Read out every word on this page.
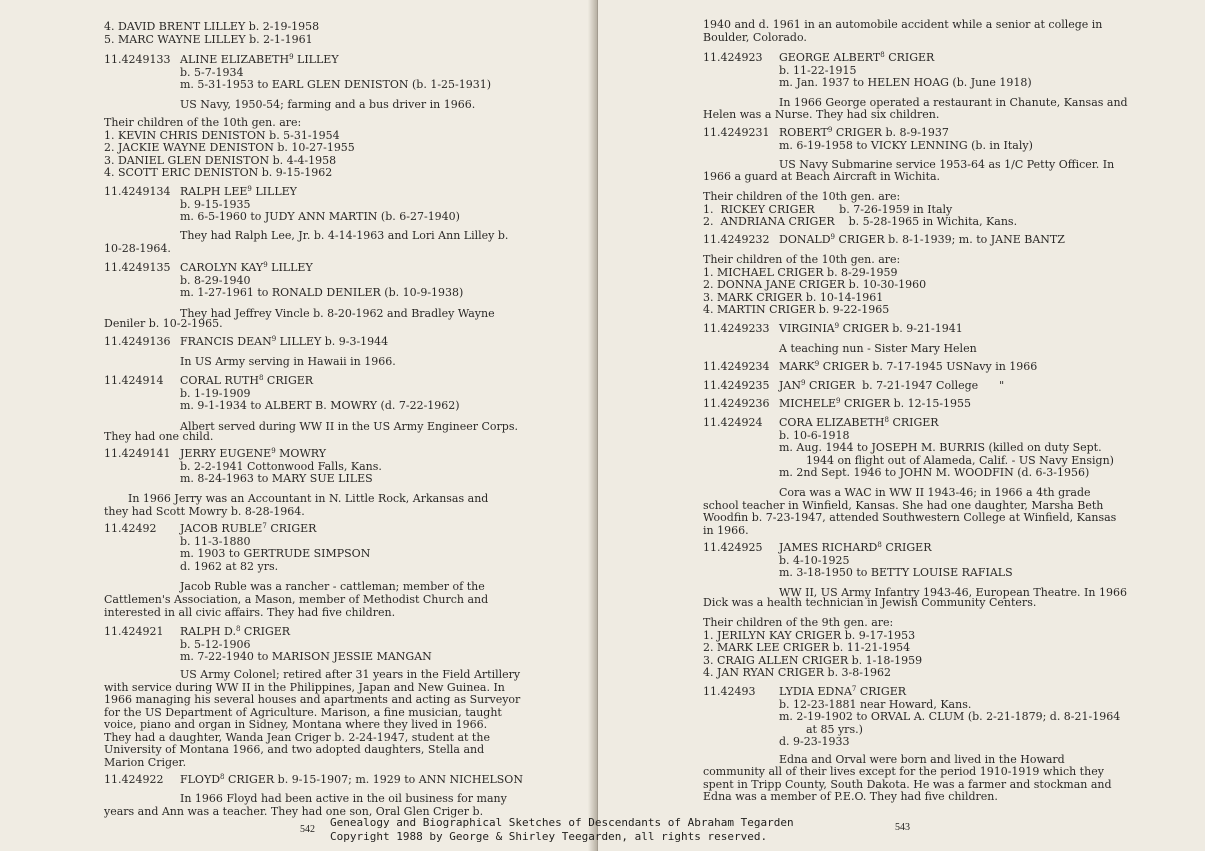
4. DAVID BRENT LILLEY b. 2-19-1958
5. MARC WAYNE LILLEY b. 2-1-1961
11.4249133 ALINE ELIZABETH$^9$ LILLEY
b. 5-7-1934
m. 5-31-1953 to EARL GLEN DENISTON (b. 1-25-1931)
US Navy, 1950-54; farming and a bus driver in 1966.
Their children of the 10th gen. are:
1. KEVIN CHRIS DENISTON b. 5-31-1954
2. JACKIE WAYNE DENISTON b. 10-27-1955
3. DANIEL GLEN DENISTON b. 4-4-1958
4. SCOTT ERIC DENISTON b. 9-15-1962
11.4249134 RALPH LEE$^9$ LILLEY
b. 9-15-1935
m. 6-5-1960 to JUDY ANN MARTIN (b. 6-27-1940)
They had Ralph Lee, Jr. b. 4-14-1963 and Lori Ann Lilley b.
10-28-1964.
11.4249135 CAROLYN KAY$^9$ LILLEY
b. 8-29-1940
m. 1-27-1961 to RONALD DENILER (b. 10-9-1938)
They had Jeffrey Vincle b. 8-20-1962 and Bradley Wayne
Deniler b. 10-2-1965.
11.4249136 FRANCIS DEAN$^9$ LILLEY b. 9-3-1944
In US Army serving in Hawaii in 1966.
11.424914 CORAL RUTH$^8$ CRIGER
b. 1-19-1909
m. 9-1-1934 to ALBERT B. MOWRY (d. 7-22-1962)
Albert served during WW II in the US Army Engineer Corps.
They had one child.
11.4249141 JERRY EUGENE$^9$ MOWRY
b. 2-2-1941 Cottonwood Falls, Kans.
m. 8-24-1963 to MARY SUE LILES
In 1966 Jerry was an Accountant in N. Little Rock, Arkansas and
they had Scott Mowry b. 8-28-1964.
11.42492 JACOB RUBLE$^7$ CRIGER
b. 11-3-1880
m. 1903 to GERTRUDE SIMPSON
d. 1962 at 82 yrs.
Jacob Ruble was a rancher - cattleman; member of the
Cattlemen's Association, a Mason, member of Methodist Church and
interested in all civic affairs. They had five children.
11.424921 RALPH D.$^8$ CRIGER
b. 5-12-1906
m. 7-22-1940 to MARISON JESSIE MANGAN
US Army Colonel; retired after 31 years in the Field Artillery
with service during WW II in the Philippines, Japan and New Guinea. In
1966 managing his several houses and apartments and acting as Surveyor
for the US Department of Agriculture. Marison, a fine musician, taught
voice, piano and organ in Sidney, Montana where they lived in 1966.
They had a daughter, Wanda Jean Criger b. 2-24-1947, student at the
University of Montana 1966, and two adopted daughters, Stella and
Marion Criger.
11.424922 FLOYD$^8$ CRIGER b. 9-15-1907; m. 1929 to ANN NICHELSON
In 1966 Floyd had been active in the oil business for many
years and Ann was a teacher. They had one son, Oral Glen Criger b.
1940 and d. 1961 in an automobile accident while a senior at college in
Boulder, Colorado.
11.424923 GEORGE ALBERT$^8$ CRIGER
b. 11-22-1915
m. Jan. 1937 to HELEN HOAG (b. June 1918)
In 1966 George operated a restaurant in Chanute, Kansas and
Helen was a Nurse. They had six children.
11.4249231 ROBERT$^9$ CRIGER b. 8-9-1937
m. 6-19-1958 to VICKY LENNING (b. in Italy)
US Navy Submarine service 1953-64 as 1/C Petty Officer. In
1966 a guard at Beach Aircraft in Wichita.
Their children of the 10th gen. are:
1.  RICKEY CRIGER       b. 7-26-1959 in Italy
2.  ANDRIANA CRIGER    b. 5-28-1965 in Wichita, Kans.
11.4249232 DONALD$^9$ CRIGER b. 8-1-1939; m. to JANE BANTZ
Their children of the 10th gen. are:
1. MICHAEL CRIGER b. 8-29-1959
2. DONNA JANE CRIGER b. 10-30-1960
3. MARK CRIGER b. 10-14-1961
4. MARTIN CRIGER b. 9-22-1965
11.4249233 VIRGINIA$^9$ CRIGER b. 9-21-1941
A teaching nun - Sister Mary Helen
11.4249234 MARK$^9$ CRIGER b. 7-17-1945 USNavy in 1966
11.4249235 JAN$^9$ CRIGER  b. 7-21-1947 College      "
11.4249236 MICHELE$^9$ CRIGER b. 12-15-1955
11.424924 CORA ELIZABETH$^8$ CRIGER
b. 10-6-1918
m. Aug. 1944 to JOSEPH M. BURRIS (killed on duty Sept.
1944 on flight out of Alameda, Calif. - US Navy Ensign)
m. 2nd Sept. 1946 to JOHN M. WOODFIN (d. 6-3-1956)
Cora was a WAC in WW II 1943-46; in 1966 a 4th grade
school teacher in Winfield, Kansas. She had one daughter, Marsha Beth
Woodfin b. 7-23-1947, attended Southwestern College at Winfield, Kansas
in 1966.
11.424925 JAMES RICHARD$^8$ CRIGER
b. 4-10-1925
m. 3-18-1950 to BETTY LOUISE RAFIALS
WW II, US Army Infantry 1943-46, European Theatre. In 1966
Dick was a health technician in Jewish Community Centers.
Their children of the 9th gen. are:
1. JERILYN KAY CRIGER b. 9-17-1953
2. MARK LEE CRIGER b. 11-21-1954
3. CRAIG ALLEN CRIGER b. 1-18-1959
4. JAN RYAN CRIGER b. 3-8-1962
11.42493 LYDIA EDNA$^7$ CRIGER
b. 12-23-1881 near Howard, Kans.
m. 2-19-1902 to ORVAL A. CLUM (b. 2-21-1879; d. 8-21-1964
at 85 yrs.)
d. 9-23-1933
Edna and Orval were born and lived in the Howard
community all of their lives except for the period 1910-1919 which they
spent in Tripp County, South Dakota. He was a farmer and stockman and
Edna was a member of P.E.O. They had five children.
542
Genealogy and Biographical Sketches of Descendants of Abraham Tegarden
Copyright 1988 by George & Shirley Teegarden, all rights reserved.
543
